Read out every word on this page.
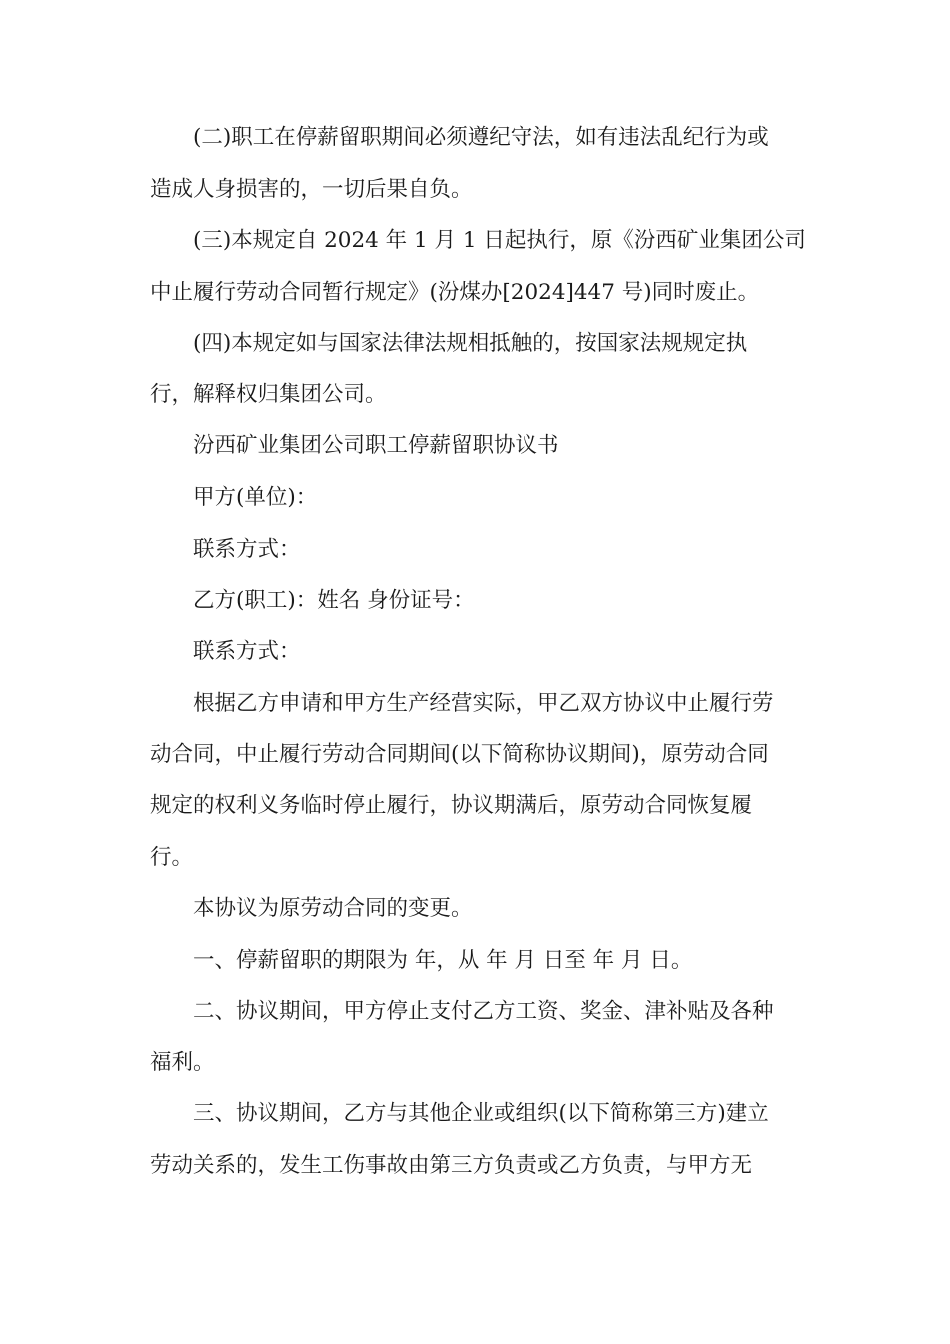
(二)职工在停薪留职期间必须遵纪守法，如有违法乱纪行为或
造成人身损害的，一切后果自负。
(三)本规定自 2024 年 1 月 1 日起执行，原《汾西矿业集团公司
中止履行劳动合同暂行规定》(汾煤办[2024]447 号)同时废止。
(四)本规定如与国家法律法规相抵触的，按国家法规规定执
行，解释权归集团公司。
汾西矿业集团公司职工停薪留职协议书
甲方(单位)：
联系方式：
乙方(职工)：姓名 身份证号：
联系方式：
根据乙方申请和甲方生产经营实际，甲乙双方协议中止履行劳
动合同，中止履行劳动合同期间(以下简称协议期间)，原劳动合同
规定的权利义务临时停止履行，协议期满后，原劳动合同恢复履
行。
本协议为原劳动合同的变更。
一、停薪留职的期限为 年，从 年 月 日至 年 月 日。
二、协议期间，甲方停止支付乙方工资、奖金、津补贴及各种
福利。
三、协议期间，乙方与其他企业或组织(以下简称第三方)建立
劳动关系的，发生工伤事故由第三方负责或乙方负责，与甲方无
